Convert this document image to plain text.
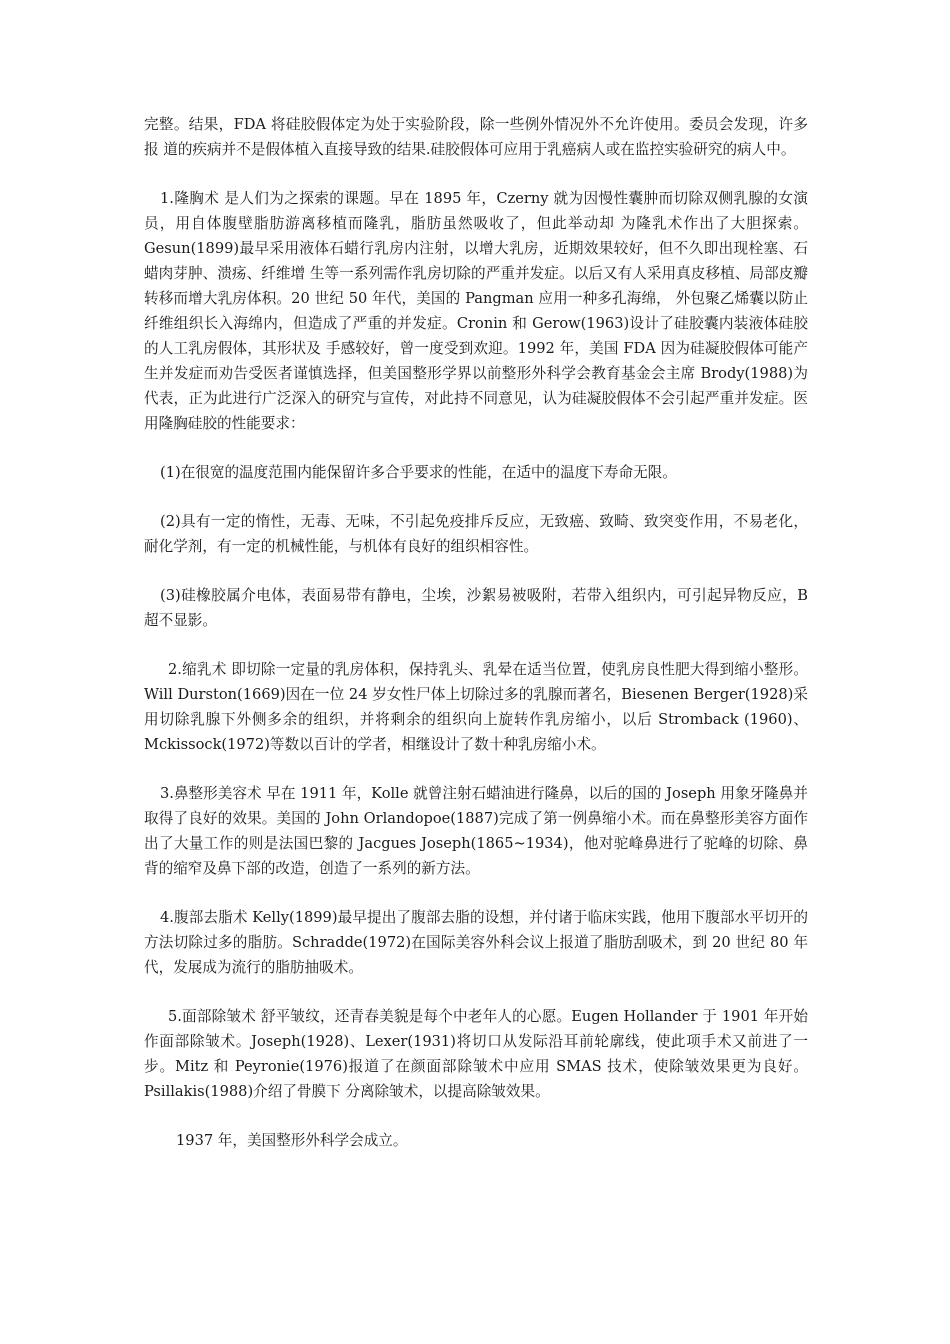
完整。结果，FDA 将硅胶假体定为处于实验阶段，除一些例外情况外不允许使用。委员会发现，许多报 道的疾病并不是假体植入直接导致的结果.硅胶假体可应用于乳癌病人或在监控实验研究的病人中。

1.隆胸术 是人们为之探索的课题。早在 1895 年，Czerny 就为因慢性囊肿而切除双侧乳腺的女演员，用自体腹壁脂肪游离移植而隆乳，脂肪虽然吸收了，但此举动却 为隆乳术作出了大胆探索。Gesun(1899)最早采用液体石蜡行乳房内注射，以增大乳房，近期效果较好，但不久即出现栓塞、石蜡肉芽肿、溃疡、纤维增 生等一系列需作乳房切除的严重并发症。以后又有人采用真皮移植、局部皮瓣转移而增大乳房体积。20 世纪 50 年代，美国的 Pangman 应用一种多孔海绵， 外包聚乙烯囊以防止纤维组织长入海绵内，但造成了严重的并发症。Cronin 和 Gerow(1963)设计了硅胶囊内装液体硅胶的人工乳房假体，其形状及 手感较好，曾一度受到欢迎。1992 年，美国 FDA 因为硅凝胶假体可能产生并发症而劝告受医者谨慎选择，但美国整形学界以前整形外科学会教育基金会主席 Brody(1988)为代表，正为此进行广泛深入的研究与宣传，对此持不同意见，认为硅凝胶假体不会引起严重并发症。医用隆胸硅胶的性能要求：

(1)在很宽的温度范围内能保留许多合乎要求的性能，在适中的温度下寿命无限。

(2)具有一定的惰性，无毒、无味，不引起免疫排斥反应，无致癌、致畸、致突变作用，不易老化，耐化学剂，有一定的机械性能，与机体有良好的组织相容性。

(3)硅橡胶属介电体，表面易带有静电，尘埃，沙絮易被吸附，若带入组织内，可引起异物反应，B 超不显影。

2.缩乳术 即切除一定量的乳房体积，保持乳头、乳晕在适当位置，使乳房良性肥大得到缩小整形。Will Durston(1669)因在一位 24 岁女性尸体上切除过多的乳腺而著名，Biesenen Berger(1928)采用切除乳腺下外侧多余的组织，并将剩余的组织向上旋转作乳房缩小，以后 Stromback (1960)、Mckissock(1972)等数以百计的学者，相继设计了数十种乳房缩小术。

3.鼻整形美容术 早在 1911 年，Kolle 就曾注射石蜡油进行隆鼻，以后的国的 Joseph 用象牙隆鼻并取得了良好的效果。美国的 John Orlandopoe(1887)完成了第一例鼻缩小术。而在鼻整形美容方面作出了大量工作的则是法国巴黎的 Jacgues Joseph(1865~1934)，他对驼峰鼻进行了驼峰的切除、鼻背的缩窄及鼻下部的改造，创造了一系列的新方法。

4.腹部去脂术 Kelly(1899)最早提出了腹部去脂的设想，并付诸于临床实践，他用下腹部水平切开的方法切除过多的脂肪。Schradde(1972)在国际美容外科会议上报道了脂肪刮吸术，到 20 世纪 80 年代，发展成为流行的脂肪抽吸术。

5.面部除皱术 舒平皱纹，还青春美貌是每个中老年人的心愿。Eugen Hollander 于 1901 年开始作面部除皱术。Joseph(1928)、Lexer(1931)将切口从发际沿耳前轮廓线，使此项手术又前进了一 步。Mitz 和 Peyronie(1976)报道了在颜面部除皱术中应用 SMAS 技术，使除皱效果更为良好。Psillakis(1988)介绍了骨膜下 分离除皱术，以提高除皱效果。

1937 年，美国整形外科学会成立。
